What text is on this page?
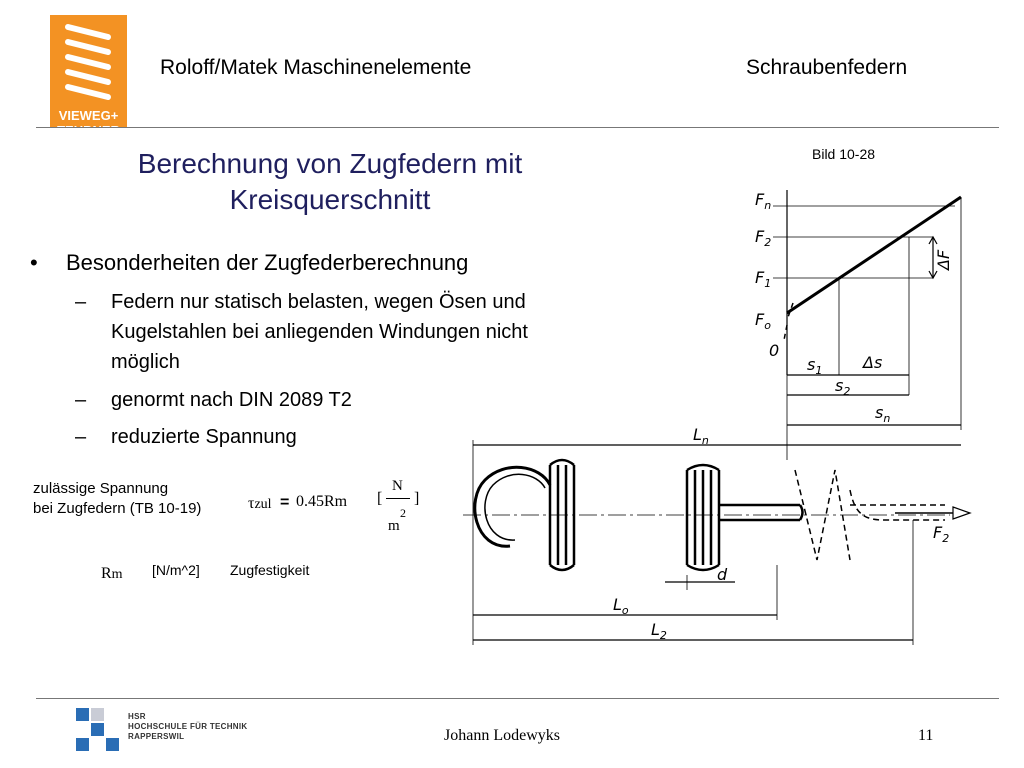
VIEWEG+
TEUBNER
Roloff/Matek Maschinenelemente	Schraubenfedern
Berechnung von Zugfedern mit
Kreisquerschnitt
Bild 10-28
• Besonderheiten der Zugfederberechnung
– Federn nur statisch belasten, wegen Ösen und Kugelstahlen bei anliegenden Windungen nicht möglich
– genormt nach DIN 2089 T2
– reduzierte Spannung
zulässige Spannung
bei Zugfedern (TB 10-19)	τzul = 0.45Rm [
N
m
2
]
Rm [N/m^2] Zugfestigkeit
$F_n$
$F_2$
$F_1$
$F_o$
0
ΔF
$s_1$	Δs
$s_2$
$s_n$
$L_n$
d
$L_o$
$L_2$
$F_2$
HSR
HOCHSCHULE FÜR TECHNIK
RAPPERSWIL	Johann Lodewyks	11
